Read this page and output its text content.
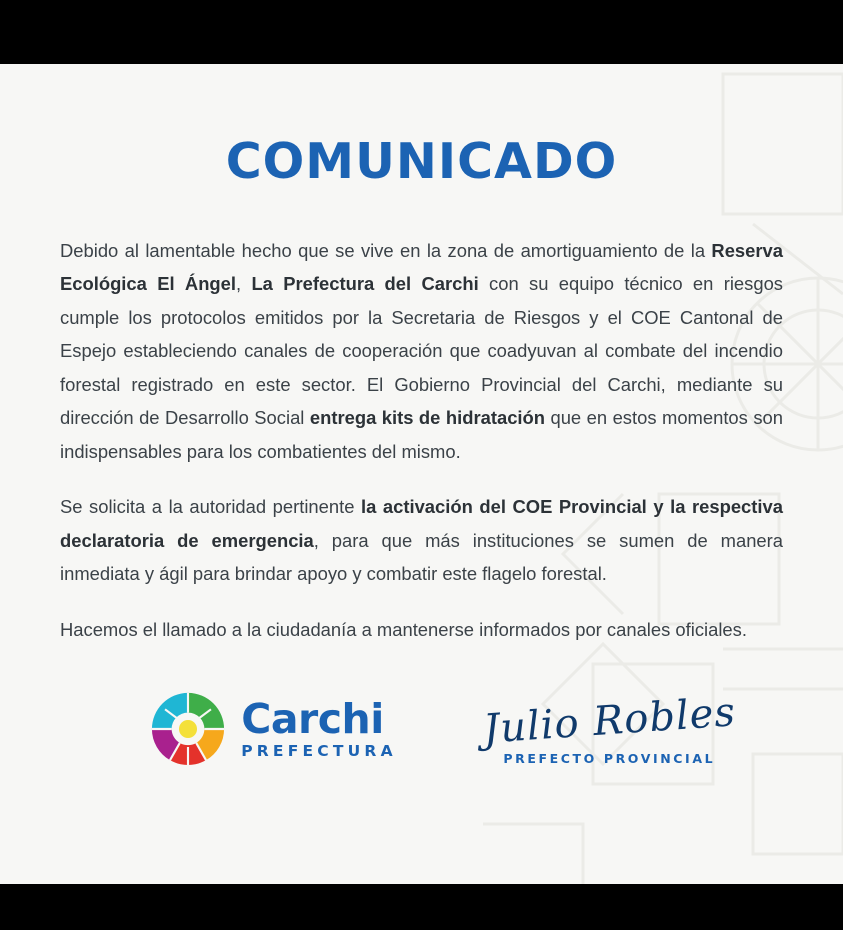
COMUNICADO

Debido al lamentable hecho que se vive en la zona de amortiguamiento de la Reserva Ecológica El Ángel, La Prefectura del Carchi con su equipo técnico en riesgos cumple los protocolos emitidos por la Secretaria de Riesgos y el COE Cantonal de Espejo estableciendo canales de cooperación que coadyuvan al combate del incendio forestal registrado en este sector. El Gobierno Provincial del Carchi, mediante su dirección de Desarrollo Social entrega kits de hidratación que en estos momentos son indispensables para los combatientes del mismo.

Se solicita a la autoridad pertinente la activación del COE Provincial y la respectiva declaratoria de emergencia, para que más instituciones se sumen de manera inmediata y ágil para brindar apoyo y combatir este flagelo forestal.

Hacemos el llamado a la ciudadanía a mantenerse informados por canales oficiales.

Carchi
PREFECTURA Julio Robles
PREFECTO PROVINCIAL
